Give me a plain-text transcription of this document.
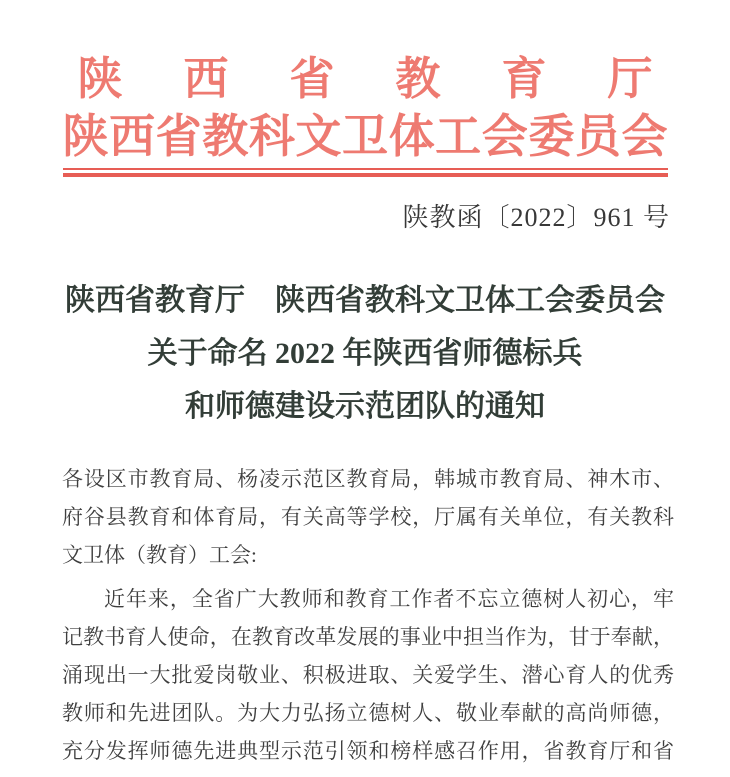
陕西省教育厅
陕西省教科文卫体工会委员会
陕教函〔2022〕961 号
陕西省教育厅　陕西省教科文卫体工会委员会
关于命名 2022 年陕西省师德标兵
和师德建设示范团队的通知
各设区市教育局、杨凌示范区教育局，韩城市教育局、神木市、
府谷县教育和体育局，有关高等学校，厅属有关单位，有关教科
文卫体（教育）工会:
近年来，全省广大教师和教育工作者不忘立德树人初心，牢
记教书育人使命，在教育改革发展的事业中担当作为，甘于奉献，
涌现出一大批爱岗敬业、积极进取、关爱学生、潜心育人的优秀
教师和先进团队。为大力弘扬立德树人、敬业奉献的高尚师德，
充分发挥师德先进典型示范引领和榜样感召作用，省教育厅和省
